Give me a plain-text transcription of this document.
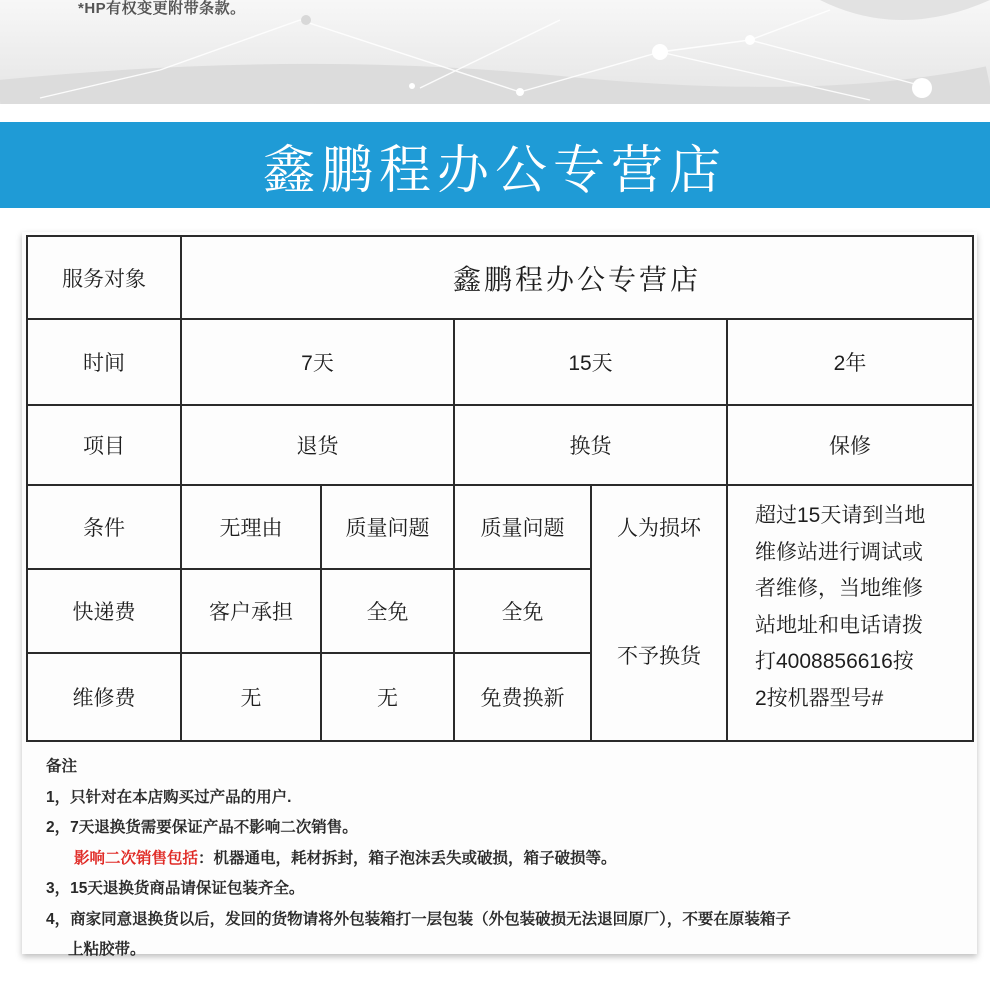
*HP有权变更附带条款。
鑫鹏程办公专营店
服务对象	鑫鹏程办公专营店
时间	7天	15天	2年
项目	退货	换货	保修
条件	无理由	质量问题	质量问题	人为损坏
快递费	客户承担	全免	全免
维修费	无	无	免费换新
不予换货
超过15天请到当地
维修站进行调试或
者维修，当地维修
站地址和电话请拨
打4008856616按
2按机器型号#
备注
1，只针对在本店购买过产品的用户.
2，7天退换货需要保证产品不影响二次销售。
影响二次销售包括：机器通电，耗材拆封，箱子泡沫丢失或破损，箱子破损等。
3，15天退换货商品请保证包装齐全。
4，商家同意退换货以后，发回的货物请将外包装箱打一层包装（外包装破损无法退回原厂），不要在原装箱子
上粘胶带。
